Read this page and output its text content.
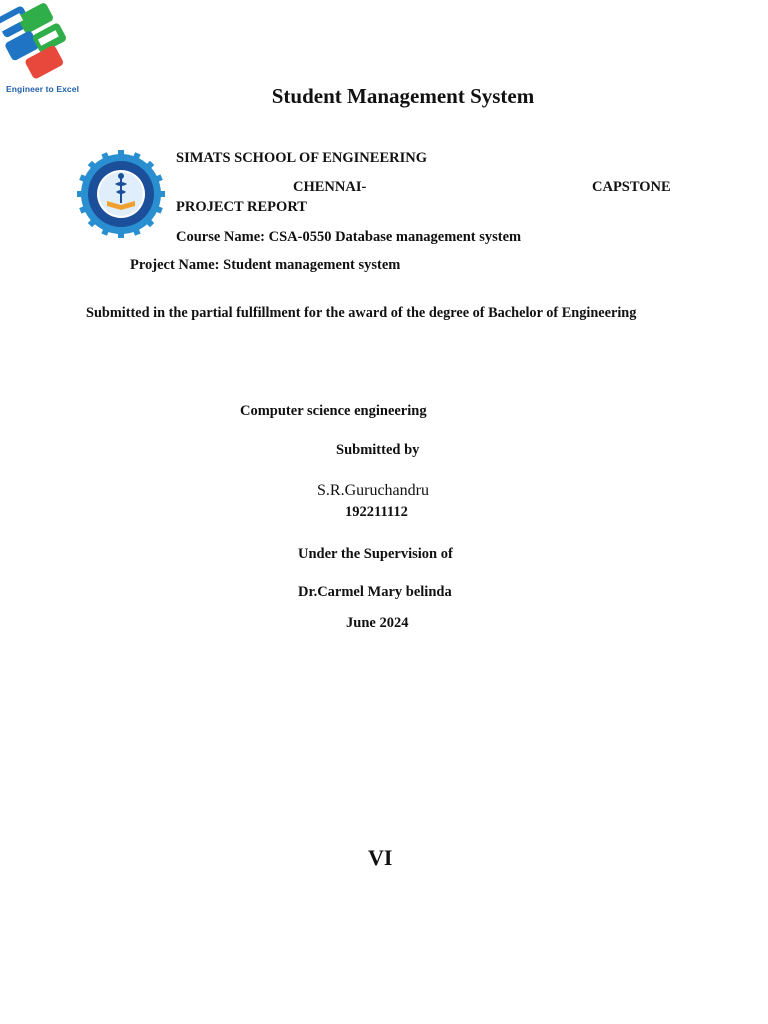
Engineer to Excel	Student Management System
SIMATS SCHOOL OF ENGINEERING
CHENNAI-	CAPSTONE
PROJECT REPORT
Course Name: CSA-0550 Database management system
Project Name: Student management system
Submitted in the partial fulfillment for the award of the degree of Bachelor of Engineering
Computer science engineering
Submitted by
S.R.Guruchandru
192211112
Under the Supervision of
Dr.Carmel Mary belinda
June 2024
VI
